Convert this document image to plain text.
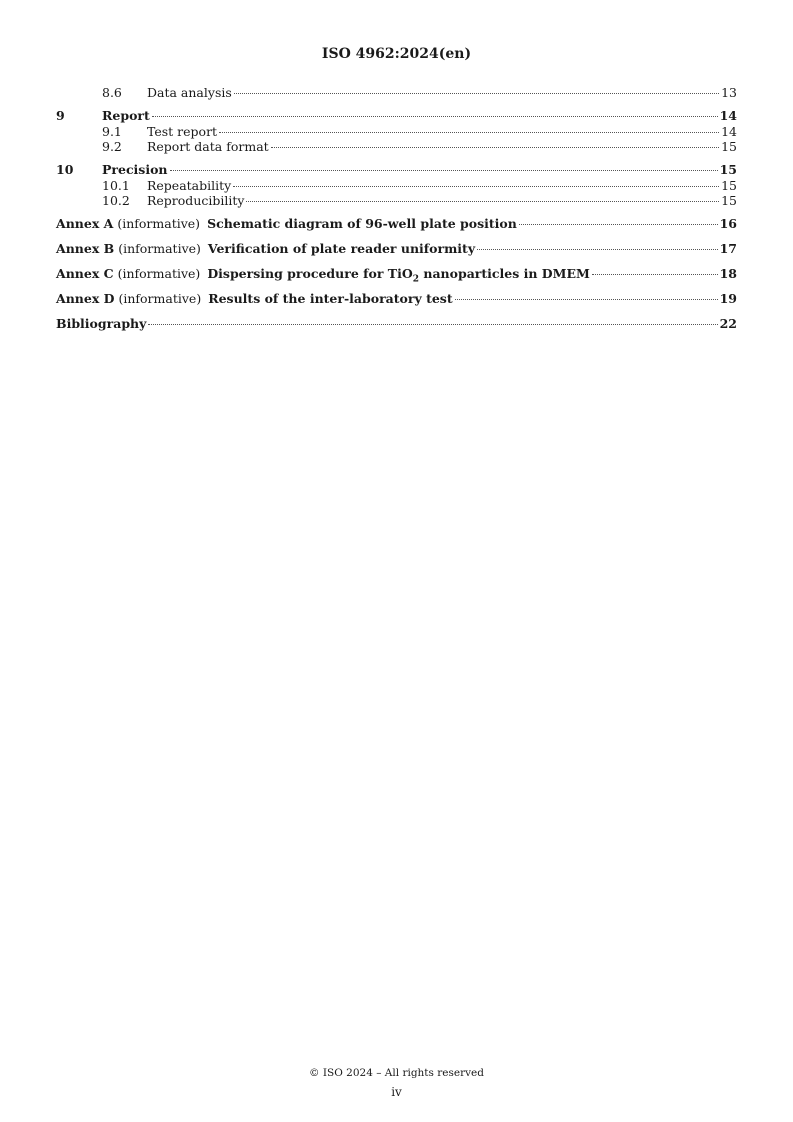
ISO 4962:2024(en)
8.6	Data analysis	13
9	Report	14
9.1	Test report	14
9.2	Report data format	15
10	Precision	15
10.1	Repeatability	15
10.2	Reproducibility	15
Annex A (informative) Schematic diagram of 96-well plate position	16
Annex B (informative) Verification of plate reader uniformity	17
Annex C (informative) Dispersing procedure for TiO$_2$ nanoparticles in DMEM	18
Annex D (informative) Results of the inter-laboratory test	19
Bibliography	22
© ISO 2024 – All rights reserved
iv
